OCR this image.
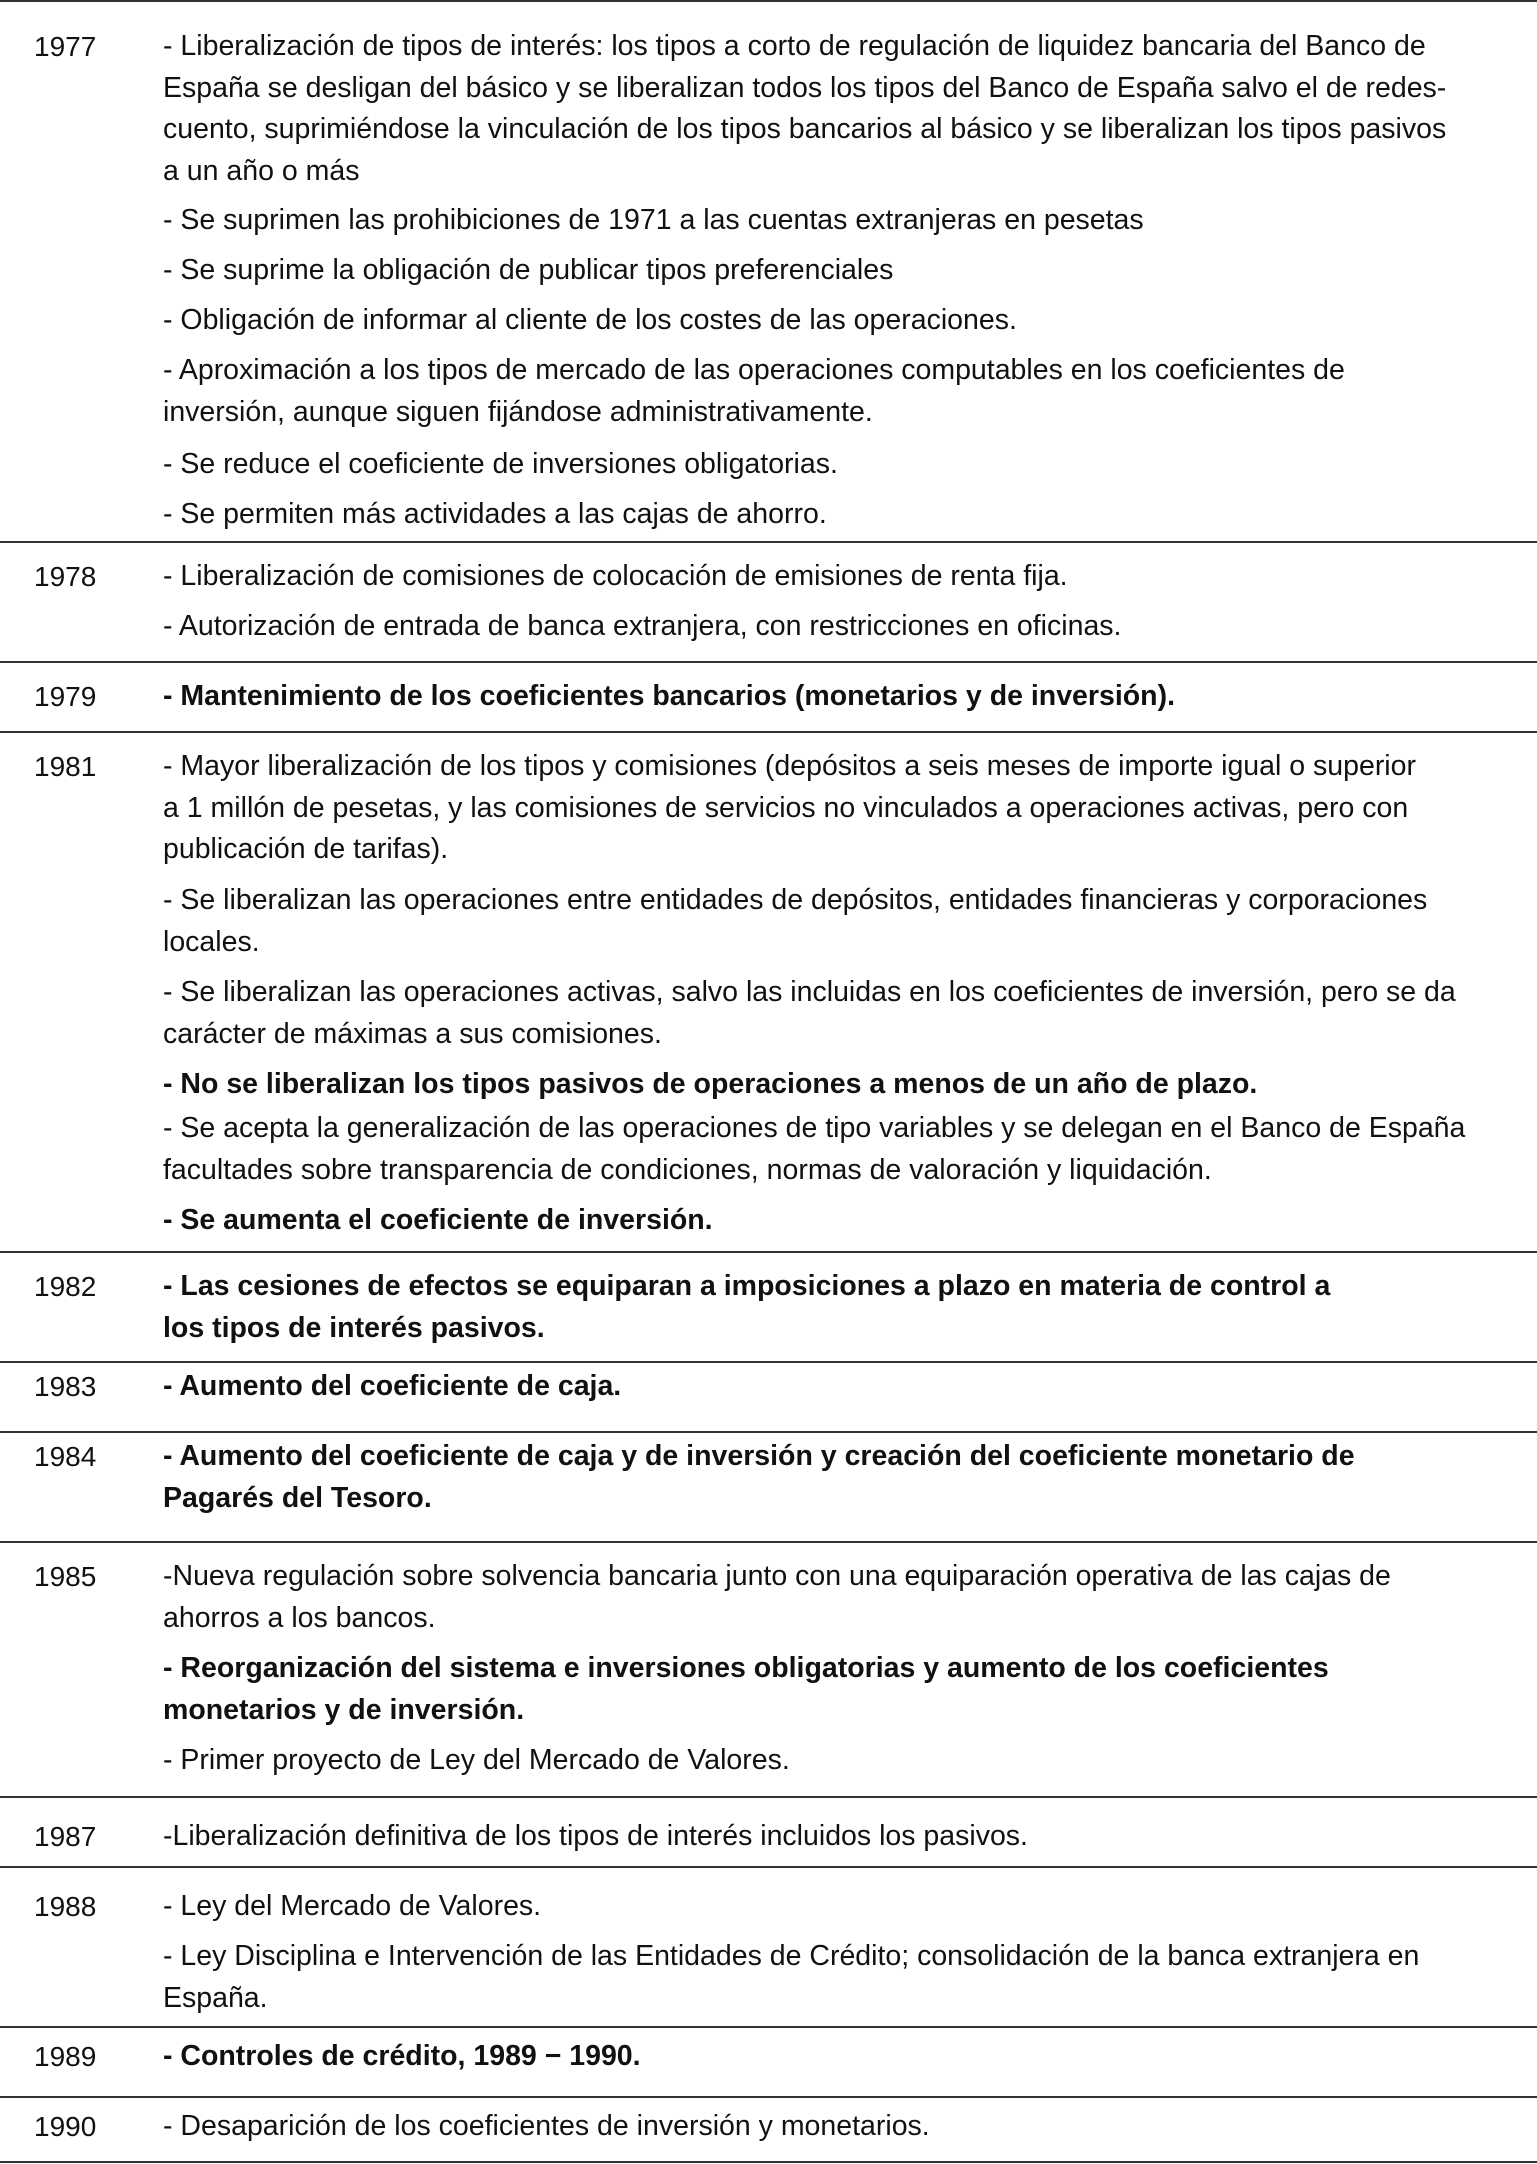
1977 - Liberalización de tipos de interés: los tipos a corto de regulación de liquidez bancaria del Banco de
España se desligan del básico y se liberalizan todos los tipos del Banco de España salvo el de redes-
cuento, suprimiéndose la vinculación de los tipos bancarios al básico y se liberalizan los tipos pasivos
a un año o más
- Se suprimen las prohibiciones de 1971 a las cuentas extranjeras en pesetas
- Se suprime la obligación de publicar tipos preferenciales
- Obligación de informar al cliente de los costes de las operaciones.
- Aproximación a los tipos de mercado de las operaciones computables en los coeficientes de
inversión, aunque siguen fijándose administrativamente.
- Se reduce el coeficiente de inversiones obligatorias.
- Se permiten más actividades a las cajas de ahorro.
1978 - Liberalización de comisiones de colocación de emisiones de renta fija.
- Autorización de entrada de banca extranjera, con restricciones en oficinas.
1979 - Mantenimiento de los coeficientes bancarios (monetarios y de inversión).
1981 - Mayor liberalización de los tipos y comisiones (depósitos a seis meses de importe igual o superior
a 1 millón de pesetas, y las comisiones de servicios no vinculados a operaciones activas, pero con
publicación de tarifas).
- Se liberalizan las operaciones entre entidades de depósitos, entidades financieras y corporaciones
locales.
- Se liberalizan las operaciones activas, salvo las incluidas en los coeficientes de inversión, pero se da
carácter de máximas a sus comisiones.
- No se liberalizan los tipos pasivos de operaciones a menos de un año de plazo.
- Se acepta la generalización de las operaciones de tipo variables y se delegan en el Banco de España
facultades sobre transparencia de condiciones, normas de valoración y liquidación.
- Se aumenta el coeficiente de inversión.
1982 - Las cesiones de efectos se equiparan a imposiciones a plazo en materia de control a
los tipos de interés pasivos.
1983 - Aumento del coeficiente de caja.
1984 - Aumento del coeficiente de caja y de inversión y creación del coeficiente monetario de
Pagarés del Tesoro.
1985 -Nueva regulación sobre solvencia bancaria junto con una equiparación operativa de las cajas de
ahorros a los bancos.
- Reorganización del sistema e inversiones obligatorias y aumento de los coeficientes
monetarios y de inversión.
- Primer proyecto de Ley del Mercado de Valores.
1987 -Liberalización definitiva de los tipos de interés incluidos los pasivos.
1988 - Ley del Mercado de Valores.
- Ley Disciplina e Intervención de las Entidades de Crédito; consolidación de la banca extranjera en
España.
1989 - Controles de crédito, 1989 − 1990.
1990 - Desaparición de los coeficientes de inversión y monetarios.
